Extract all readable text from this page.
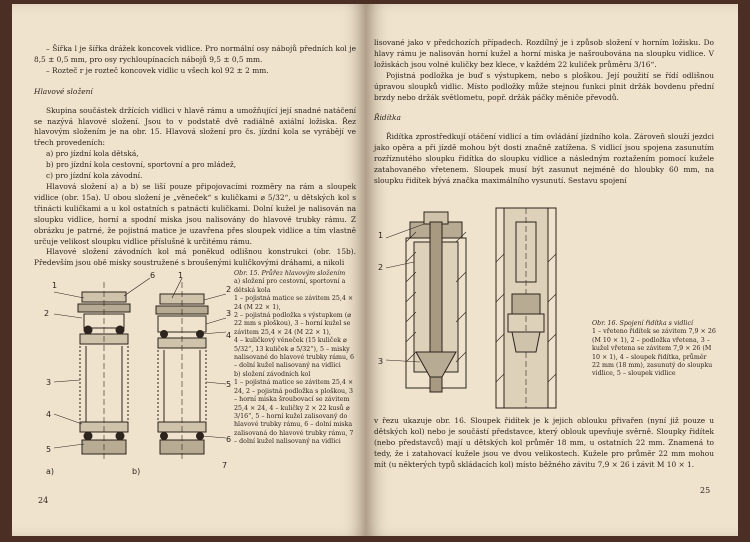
– Šířka l je šířka drážek koncovek vidlice. Pro normální osy nábojů předních kol je 8,5 ± 0,5 mm, pro osy rychloupínacích nábojů 9,5 ± 0,5 mm.

– Rozteč r je rozteč koncovek vidlic u všech kol 92 ± 2 mm.

Hlavové složení

Skupina součástek držících vidlici v hlavě rámu a umožňující její snadné natáčení se nazývá hlavové složení. Jsou to v podstatě dvě radiálně axiální ložiska. Řez hlavovým složením je na obr. 15. Hlavová složení pro čs. jízdní kola se vyrábějí ve třech provedeních:

a) pro jízdní kola dětská,

b) pro jízdní kola cestovní, sportovní a pro mládež,

c) pro jízdní kola závodní.

Hlavová složení a) a b) se liší pouze připojovacími rozměry na rám a sloupek vidlice (obr. 15a). U obou složení je „věneček“ s kuličkami ⌀ 5/32“, u dětských kol s třinácti kuličkami a u kol ostatních s patnácti kuličkami. Dolní kužel je nalisován na sloupku vidlice, horní a spodní miska jsou nalisovány do hlavové trubky rámu. Z obrázku je patrné, že pojistná matice je uzavřena přes sloupek vidlice a tím vlastně určuje velikost sloupku vidlice příslušné k určitému rámu.

Hlavové složení závodních kol má poněkud odlišnou konstrukci (obr. 15b). Především jsou obě misky soustružené s broušenými kuličkovými dráhami, a nikoli

1
2
3
4
5
6
7
1
2
3
4
5
6
a)	b)
Obr. 15. Průřez hlavovým složením
a) složení pro cestovní, sportovní a dětská kola
1 – pojistná matice se závitem 25,4 × 24 (M 22 × 1),
2 – pojistná podložka s výstupkem (⌀ 22 mm s ploškou), 3 – horní kužel se závitem 25,4 × 24 (M 22 × 1),
4 – kuličkový věneček (15 kuliček ⌀ 5/32“, 13 kuliček ⌀ 5/32“), 5 – misky nalisované do hlavové trubky rámu, 6 – dolní kužel nalisovaný na vidlici
b) složení závodních kol
1 – pojistná matice se závitem 25,4 × 24, 2 – pojistná podložka s ploškou, 3 – horní miska šroubovací se závitem 25,4 × 24, 4 – kuličky 2 × 22 kusů ⌀ 3/16“, 5 – horní kužel zalisovaný do hlavové trubky rámu, 6 – dolní miska zalisovaná do hlavové trubky rámu, 7 – dolní kužel nalisovaný na vidlici
24

lisované jako v předchozích případech. Rozdílný je i způsob složení v horním ložisku. Do hlavy rámu je nalisován horní kužel a horní miska je našroubována na sloupku vidlice. V ložiskách jsou volné kuličky bez klece, v každém 22 kuliček průměru 3/16“.

Pojistná podložka je buď s výstupkem, nebo s ploškou. Její použití se řídí odlišnou úpravou sloupků vidlic. Místo podložky může stejnou funkci plnit držák bovdenu přední brzdy nebo držák světlometu, popř. držák páčky měniče převodů.

Řidítka

Řidítka zprostředkují otáčení vidlicí a tím ovládání jízdního kola. Zároveň slouží jezdci jako opěra a při jízdě mohou být dosti značně zatížena. S vidlicí jsou spojena zasunutím rozříznutého sloupku řidítka do sloupku vidlice a následným roztažením pomocí kužele zatahovaného vřetenem. Sloupek musí být zasunut nejméně do hloubky 60 mm, na sloupku řidítek bývá značka maximálního vysunutí. Sestavu spojení

1
2
3
Obr. 16. Spojení řidítka s vidlicí
1 – vřeteno řidítek se závitem 7,9 × 26 (M 10 × 1), 2 – podložka vřetena, 3 – kužel vřetena se závitem 7,9 × 26 (M 10 × 1), 4 – sloupek řidítka, průměr 22 mm (18 mm), zasunutý do sloupku vidlice, 5 – sloupek vidlice

v řezu ukazuje obr. 16. Sloupek řidítek je k jejich oblouku přivařen (nyní již pouze u dětských kol) nebo je součástí představce, který oblouk upevňuje svěrně. Sloupky řidítek (nebo představců) mají u dětských kol průměr 18 mm, u ostatních 22 mm. Znamená to tedy, že i zatahovací kužele jsou ve dvou velikostech. Kužele pro průměr 22 mm mohou mít (u některých typů skládacích kol) místo běžného závitu 7,9 × 26 i závit M 10 × 1.

25
